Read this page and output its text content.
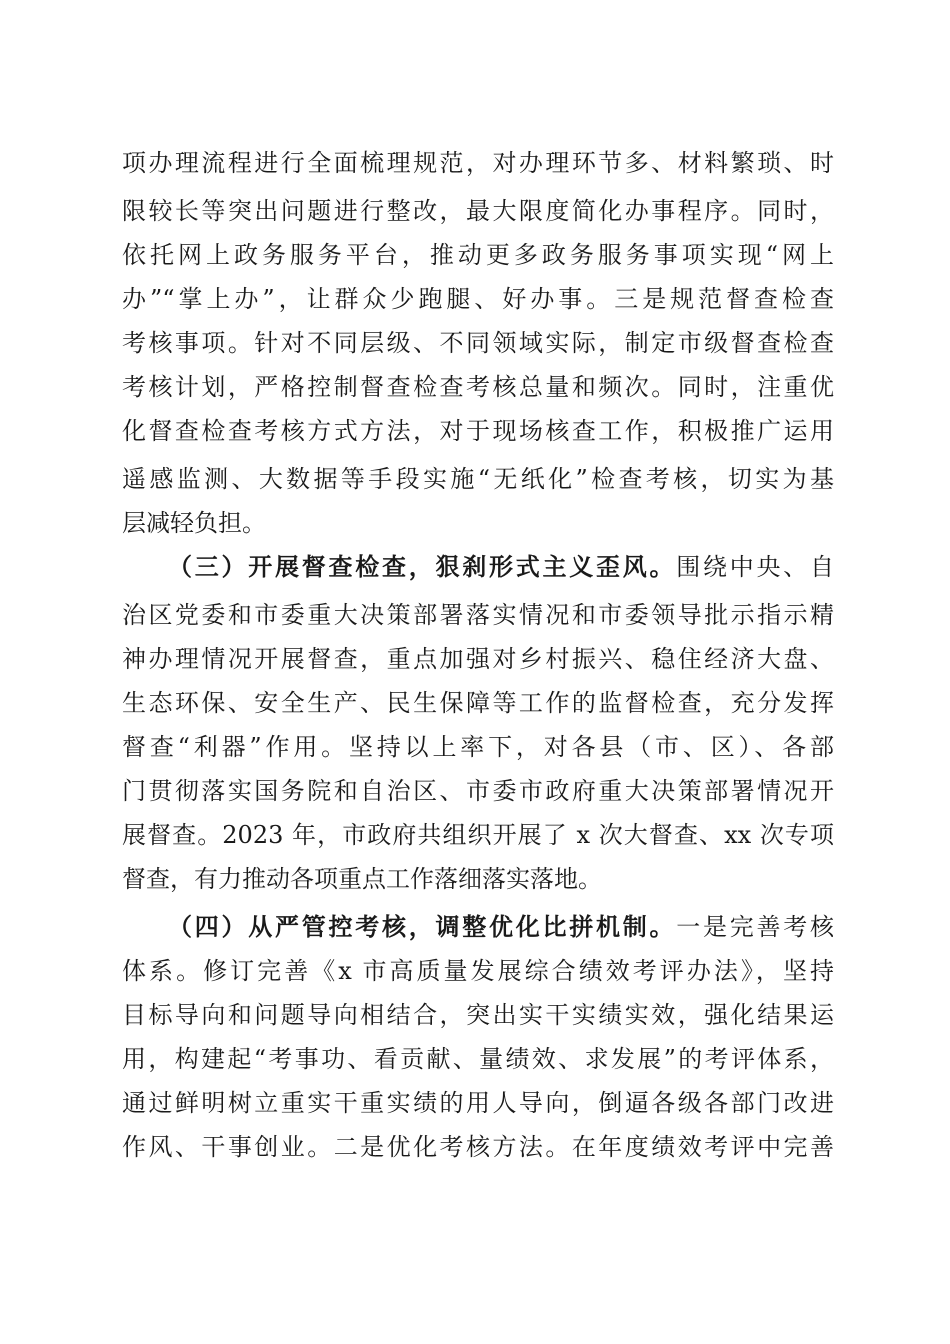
项办理流程进行全面梳理规范，对办理环节多、材料繁琐、时
限较长等突出问题进行整改，最大限度简化办事程序。同时，
依托网上政务服务平台，推动更多政务服务事项实现“网上
办”“掌上办”，让群众少跑腿、好办事。三是规范督查检查
考核事项。针对不同层级、不同领域实际，制定市级督查检查
考核计划，严格控制督查检查考核总量和频次。同时，注重优
化督查检查考核方式方法，对于现场核查工作，积极推广运用
遥感监测、大数据等手段实施“无纸化”检查考核，切实为基
层减轻负担。
（三）开展督查检查，狠刹形式主义歪风。围绕中央、自
治区党委和市委重大决策部署落实情况和市委领导批示指示精
神办理情况开展督查，重点加强对乡村振兴、稳住经济大盘、
生态环保、安全生产、民生保障等工作的监督检查，充分发挥
督查“利器”作用。坚持以上率下，对各县（市、区）、各部
门贯彻落实国务院和自治区、市委市政府重大决策部署情况开
展督查。2023 年，市政府共组织开展了 x 次大督查、xx 次专项
督查，有力推动各项重点工作落细落实落地。
（四）从严管控考核，调整优化比拼机制。一是完善考核
体系。修订完善《x 市高质量发展综合绩效考评办法》，坚持
目标导向和问题导向相结合，突出实干实绩实效，强化结果运
用，构建起“考事功、看贡献、量绩效、求发展”的考评体系，
通过鲜明树立重实干重实绩的用人导向，倒逼各级各部门改进
作风、干事创业。二是优化考核方法。在年度绩效考评中完善
